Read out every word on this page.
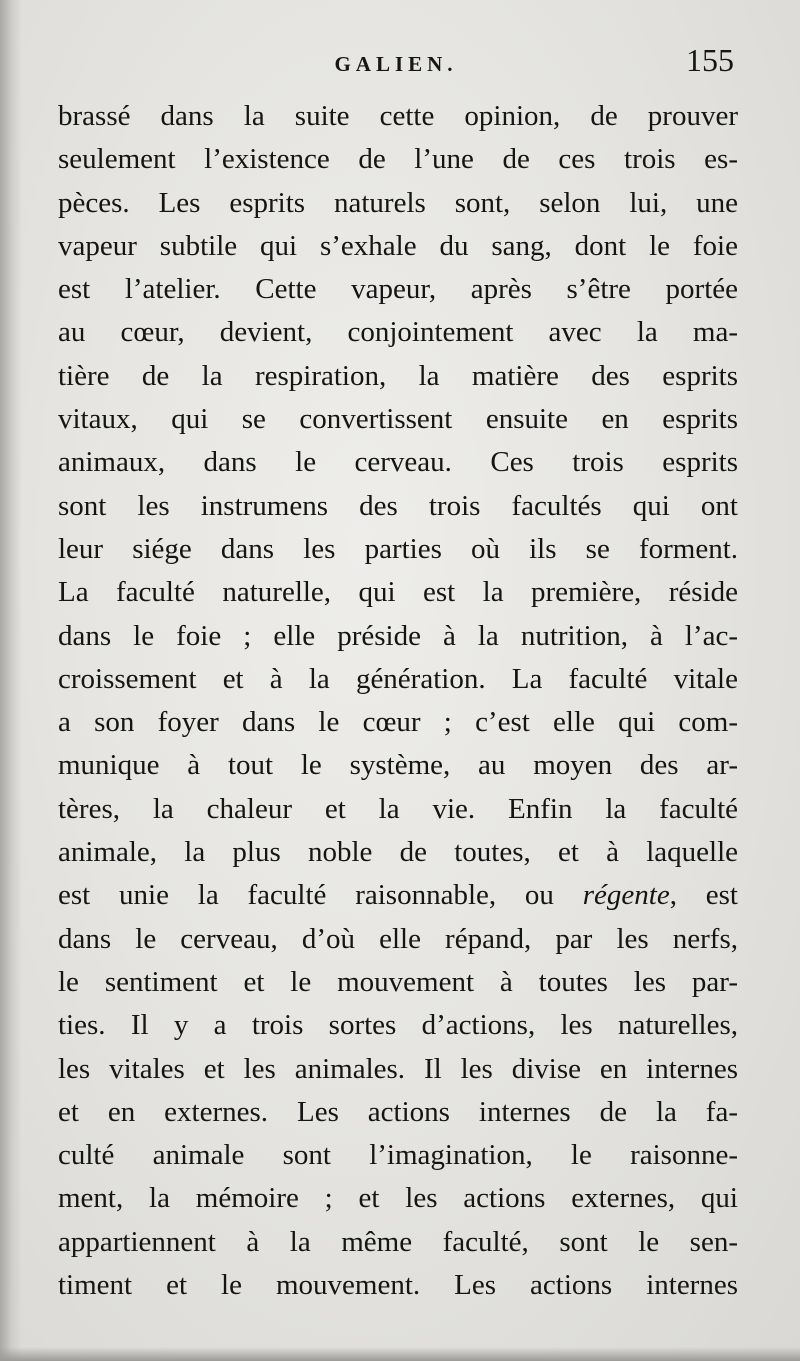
GALIEN.	155
brassé dans la suite cette opinion, de prouver
seulement l’existence de l’une de ces trois es-
pèces. Les esprits naturels sont, selon lui, une
vapeur subtile qui s’exhale du sang, dont le foie
est l’atelier. Cette vapeur, après s’être portée
au cœur, devient, conjointement avec la ma-
tière de la respiration, la matière des esprits
vitaux, qui se convertissent ensuite en esprits
animaux, dans le cerveau. Ces trois esprits
sont les instrumens des trois facultés qui ont
leur siége dans les parties où ils se forment.
La faculté naturelle, qui est la première, réside
dans le foie ; elle préside à la nutrition, à l’ac-
croissement et à la génération. La faculté vitale
a son foyer dans le cœur ; c’est elle qui com-
munique à tout le système, au moyen des ar-
tères, la chaleur et la vie. Enfin la faculté
animale, la plus noble de toutes, et à laquelle
est unie la faculté raisonnable, ou régente, est
dans le cerveau, d’où elle répand, par les nerfs,
le sentiment et le mouvement à toutes les par-
ties. Il y a trois sortes d’actions, les naturelles,
les vitales et les animales. Il les divise en internes
et en externes. Les actions internes de la fa-
culté animale sont l’imagination, le raisonne-
ment, la mémoire ; et les actions externes, qui
appartiennent à la même faculté, sont le sen-
timent et le mouvement. Les actions internes
